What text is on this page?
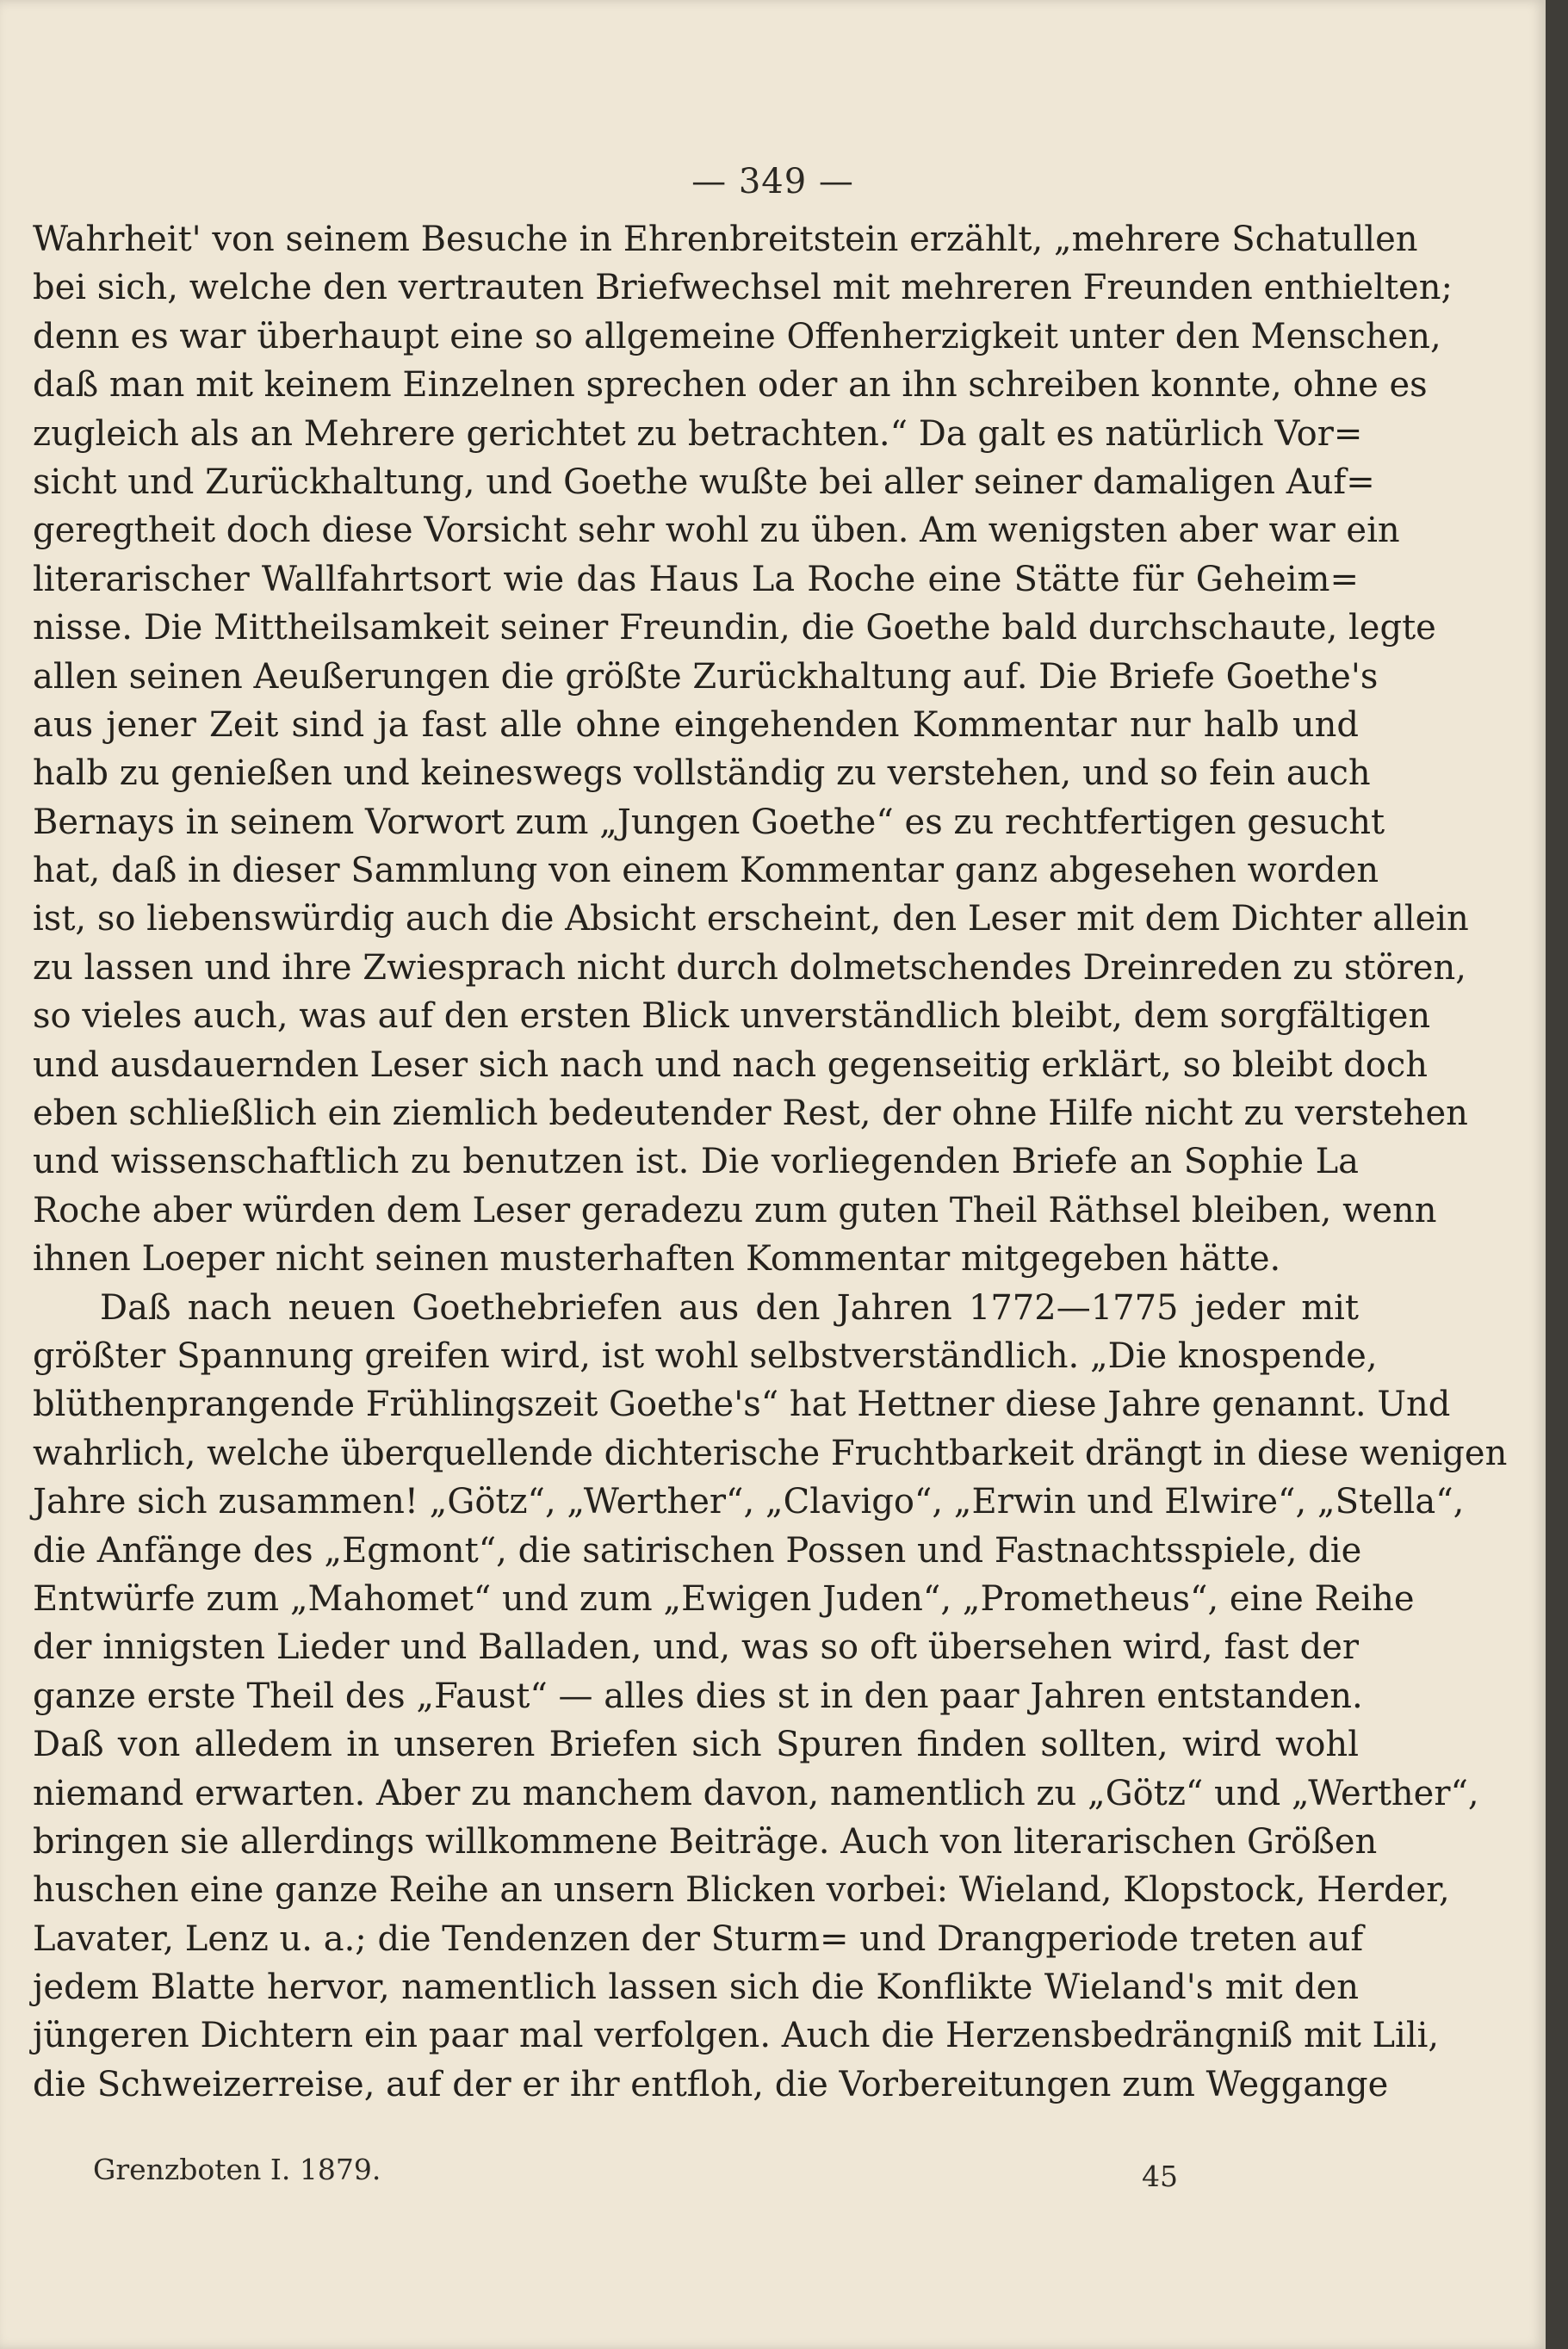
— 349 —
Wahrheit' von seinem Besuche in Ehrenbreitstein erzählt, „mehrere Schatullen
bei sich, welche den vertrauten Briefwechsel mit mehreren Freunden enthielten;
denn es war überhaupt eine so allgemeine Offenherzigkeit unter den Menschen,
daß man mit keinem Einzelnen sprechen oder an ihn schreiben konnte, ohne es
zugleich als an Mehrere gerichtet zu betrachten.“ Da galt es natürlich Vor=
sicht und Zurückhaltung, und Goethe wußte bei aller seiner damaligen Auf=
geregtheit doch diese Vorsicht sehr wohl zu üben. Am wenigsten aber war ein
literarischer Wallfahrtsort wie das Haus La Roche eine Stätte für Geheim=
nisse. Die Mittheilsamkeit seiner Freundin, die Goethe bald durchschaute, legte
allen seinen Aeußerungen die größte Zurückhaltung auf. Die Briefe Goethe's
aus jener Zeit sind ja fast alle ohne eingehenden Kommentar nur halb und
halb zu genießen und keineswegs vollständig zu verstehen, und so fein auch
Bernays in seinem Vorwort zum „Jungen Goethe“ es zu rechtfertigen gesucht
hat, daß in dieser Sammlung von einem Kommentar ganz abgesehen worden
ist, so liebenswürdig auch die Absicht erscheint, den Leser mit dem Dichter allein
zu lassen und ihre Zwiesprach nicht durch dolmetschendes Dreinreden zu stören,
so vieles auch, was auf den ersten Blick unverständlich bleibt, dem sorgfältigen
und ausdauernden Leser sich nach und nach gegenseitig erklärt, so bleibt doch
eben schließlich ein ziemlich bedeutender Rest, der ohne Hilfe nicht zu verstehen
und wissenschaftlich zu benutzen ist. Die vorliegenden Briefe an Sophie La
Roche aber würden dem Leser geradezu zum guten Theil Räthsel bleiben, wenn
ihnen Loeper nicht seinen musterhaften Kommentar mitgegeben hätte.
Daß nach neuen Goethebriefen aus den Jahren 1772—1775 jeder mit
größter Spannung greifen wird, ist wohl selbstverständlich. „Die knospende,
blüthenprangende Frühlingszeit Goethe's“ hat Hettner diese Jahre genannt. Und
wahrlich, welche überquellende dichterische Fruchtbarkeit drängt in diese wenigen
Jahre sich zusammen! „Götz“, „Werther“, „Clavigo“, „Erwin und Elwire“, „Stella“,
die Anfänge des „Egmont“, die satirischen Possen und Fastnachtsspiele, die
Entwürfe zum „Mahomet“ und zum „Ewigen Juden“, „Prometheus“, eine Reihe
der innigsten Lieder und Balladen, und, was so oft übersehen wird, fast der
ganze erste Theil des „Faust“ — alles dies st in den paar Jahren entstanden.
Daß von alledem in unseren Briefen sich Spuren finden sollten, wird wohl
niemand erwarten. Aber zu manchem davon, namentlich zu „Götz“ und „Werther“,
bringen sie allerdings willkommene Beiträge. Auch von literarischen Größen
huschen eine ganze Reihe an unsern Blicken vorbei: Wieland, Klopstock, Herder,
Lavater, Lenz u. a.; die Tendenzen der Sturm= und Drangperiode treten auf
jedem Blatte hervor, namentlich lassen sich die Konflikte Wieland's mit den
jüngeren Dichtern ein paar mal verfolgen. Auch die Herzensbedrängniß mit Lili,
die Schweizerreise, auf der er ihr entfloh, die Vorbereitungen zum Weggange
Grenzboten I. 1879.	45
